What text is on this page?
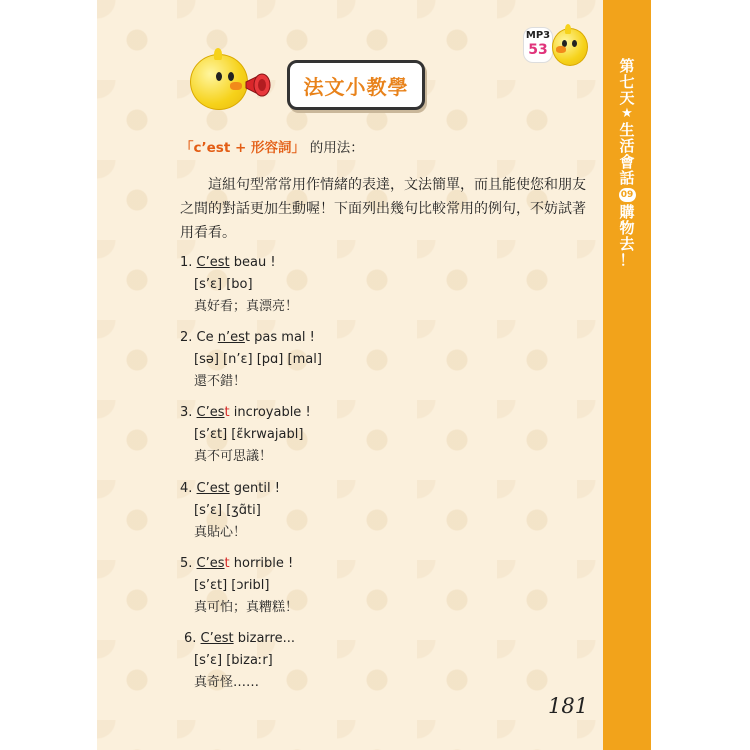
第
七
天
★
生
活
會
話
09
購
物
去
！
MP3
53
法文小教學
「c’est + 形容詞」 的用法：
這組句型常常用作情緒的表達，文法簡單，而且能使您和朋友
之間的對話更加生動喔！下面列出幾句比較常用的例句，不妨試著
用看看。
1. C’est beau !
[s’ɛ] [bo]
真好看；真漂亮！
2. Ce n’est pas mal !
[sə] [n’ɛ] [pɑ] [mal]
還不錯！
3. C’est incroyable !
[s’ɛt] [ɛ̃krwajabl]
真不可思議！
4. C’est gentil !
[s’ɛ] [ʒɑ̃ti]
真貼心！
5. C’est horrible !
[s’ɛt] [ɔribl]
真可怕；真糟糕！
6. C’est bizarre...
[s’ɛ] [bizaːr]
真奇怪……
181
